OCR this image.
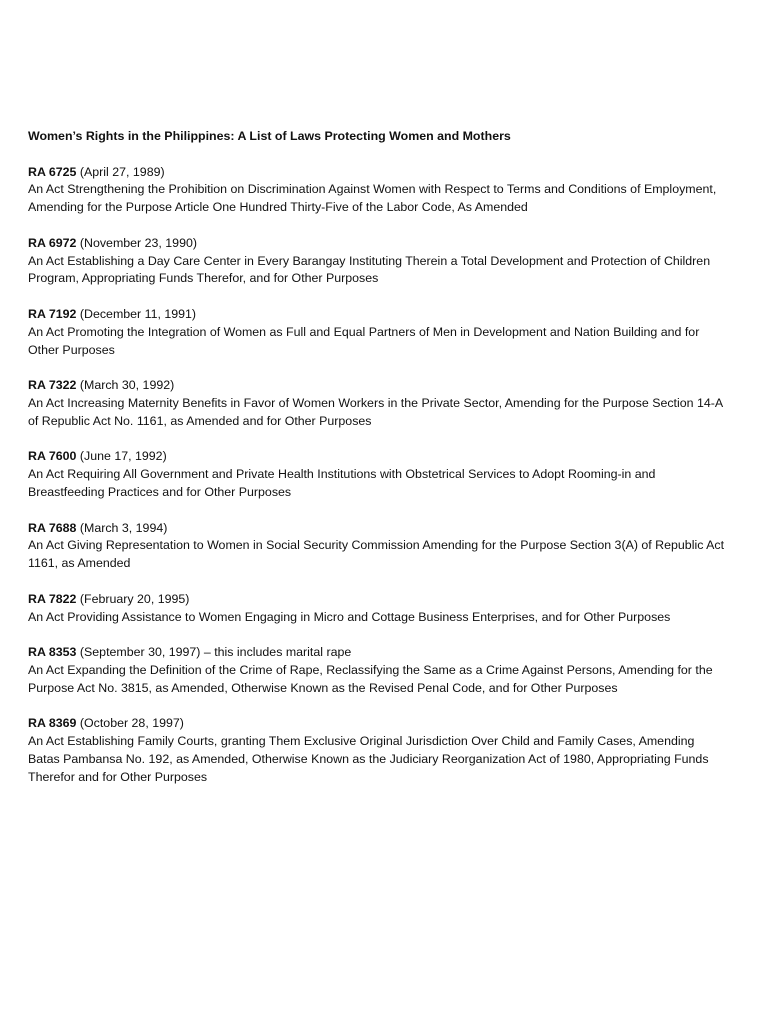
Women’s Rights in the Philippines: A List of Laws Protecting Women and Mothers
RA 6725 (April 27, 1989)
An Act Strengthening the Prohibition on Discrimination Against Women with Respect to Terms and Conditions of Employment, Amending for the Purpose Article One Hundred Thirty-Five of the Labor Code, As Amended
RA 6972 (November 23, 1990)
An Act Establishing a Day Care Center in Every Barangay Instituting Therein a Total Development and Protection of Children Program, Appropriating Funds Therefor, and for Other Purposes
RA 7192 (December 11, 1991)
An Act Promoting the Integration of Women as Full and Equal Partners of Men in Development and Nation Building and for Other Purposes
RA 7322 (March 30, 1992)
An Act Increasing Maternity Benefits in Favor of Women Workers in the Private Sector, Amending for the Purpose Section 14-A of Republic Act No. 1161, as Amended and for Other Purposes
RA 7600 (June 17, 1992)
An Act Requiring All Government and Private Health Institutions with Obstetrical Services to Adopt Rooming-in and Breastfeeding Practices and for Other Purposes
RA 7688 (March 3, 1994)
An Act Giving Representation to Women in Social Security Commission Amending for the Purpose Section 3(A) of Republic Act 1161, as Amended
RA 7822 (February 20, 1995)
An Act Providing Assistance to Women Engaging in Micro and Cottage Business Enterprises, and for Other Purposes
RA 8353 (September 30, 1997) – this includes marital rape
An Act Expanding the Definition of the Crime of Rape, Reclassifying the Same as a Crime Against Persons, Amending for the Purpose Act No. 3815, as Amended, Otherwise Known as the Revised Penal Code, and for Other Purposes
RA 8369 (October 28, 1997)
An Act Establishing Family Courts, granting Them Exclusive Original Jurisdiction Over Child and Family Cases, Amending Batas Pambansa No. 192, as Amended, Otherwise Known as the Judiciary Reorganization Act of 1980, Appropriating Funds Therefor and for Other Purposes
